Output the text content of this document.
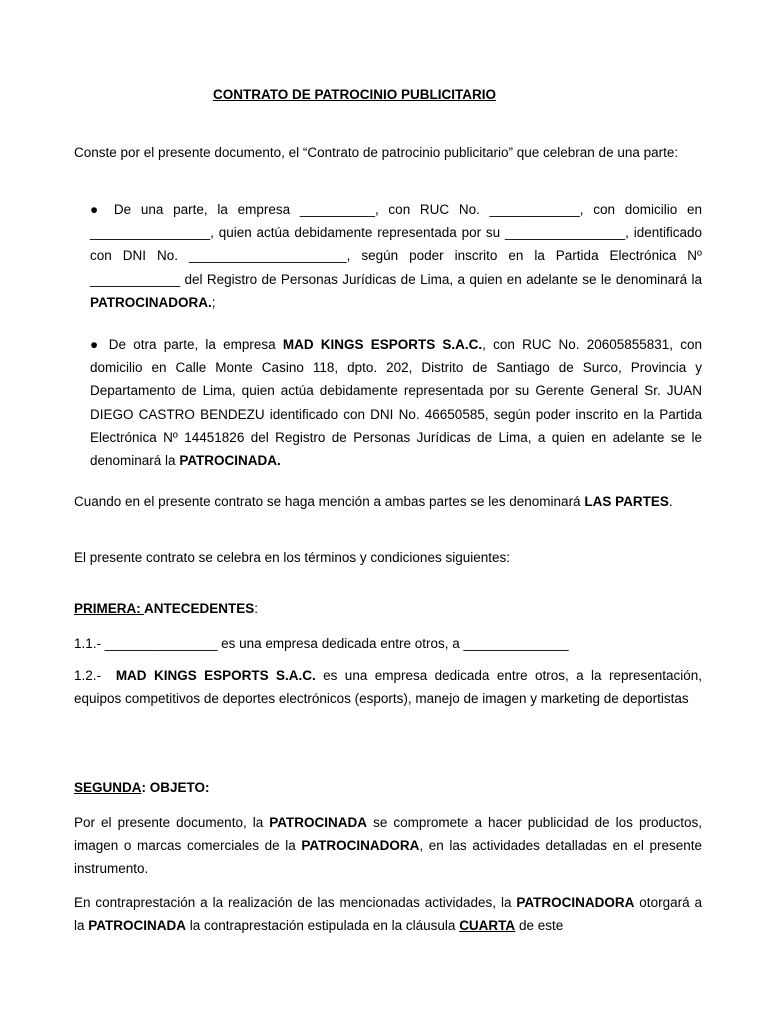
CONTRATO DE PATROCINIO PUBLICITARIO
Conste por el presente documento, el “Contrato de patrocinio publicitario” que celebran de una parte:
● De una parte, la empresa __________, con RUC No. ____________, con domicilio en ________________, quien actúa debidamente representada por su ________________, identificado con DNI No. _____________________, según poder inscrito en la Partida Electrónica Nº ____________ del Registro de Personas Jurídicas de Lima, a quien en adelante se le denominará la PATROCINADORA.;
● De otra parte, la empresa MAD KINGS ESPORTS S.A.C., con RUC No. 20605855831, con domicilio en Calle Monte Casino 118, dpto. 202, Distrito de Santiago de Surco, Provincia y Departamento de Lima, quien actúa debidamente representada por su Gerente General Sr. JUAN DIEGO CASTRO BENDEZU identificado con DNI No. 46650585, según poder inscrito en la Partida Electrónica Nº 14451826 del Registro de Personas Jurídicas de Lima, a quien en adelante se le denominará la PATROCINADA.
Cuando en el presente contrato se haga mención a ambas partes se les denominará LAS PARTES.
El presente contrato se celebra en los términos y condiciones siguientes:
PRIMERA: ANTECEDENTES:
1.1.- _______________ es una empresa dedicada entre otros, a ______________
1.2.-  MAD KINGS ESPORTS S.A.C. es una empresa dedicada entre otros, a la representación, equipos competitivos de deportes electrónicos (esports), manejo de imagen y marketing de deportistas
SEGUNDA: OBJETO:
Por el presente documento, la PATROCINADA se compromete a hacer publicidad de los productos, imagen o marcas comerciales de la PATROCINADORA, en las actividades detalladas en el presente instrumento.
En contraprestación a la realización de las mencionadas actividades, la PATROCINADORA otorgará a la PATROCINADA la contraprestación estipulada en la cláusula CUARTA de este
